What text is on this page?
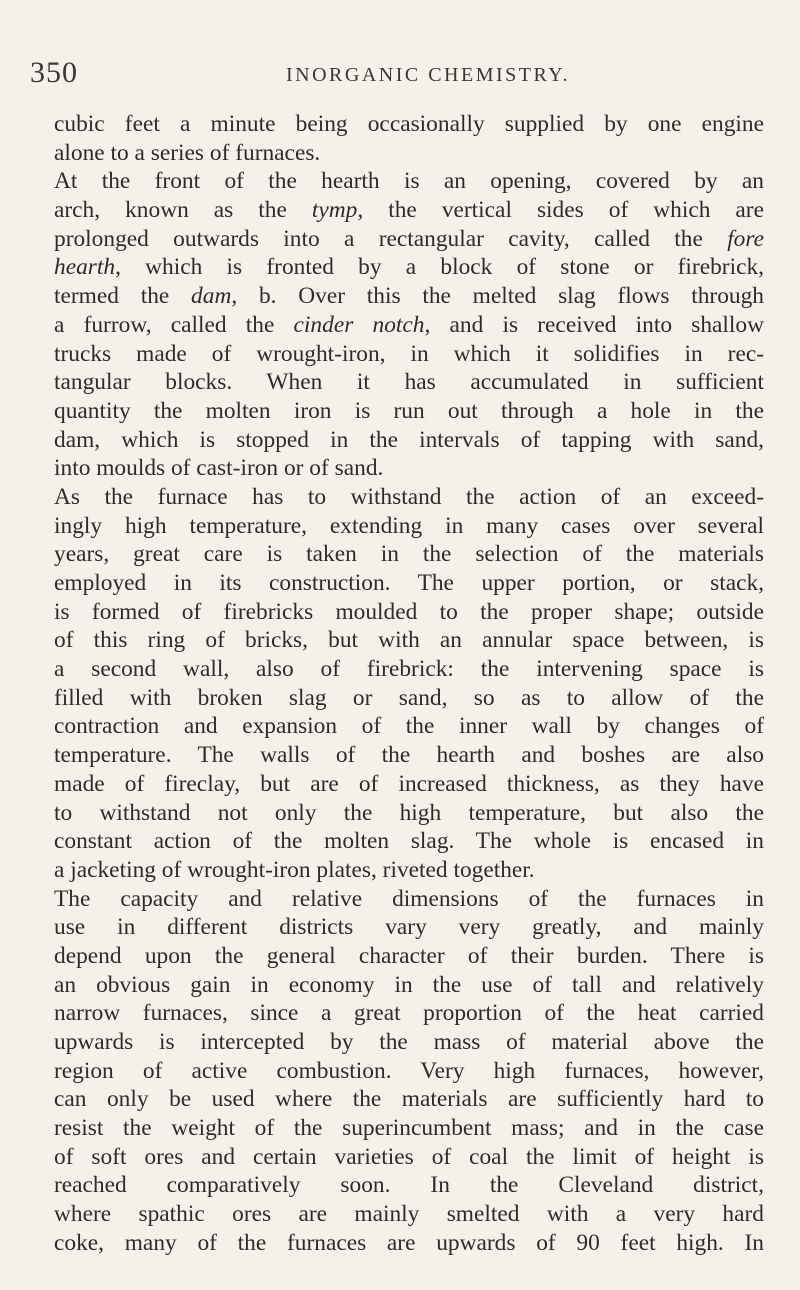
350	INORGANIC CHEMISTRY.
cubic feet a minute being occasionally supplied by one engine
alone to a series of furnaces.
At the front of the hearth is an opening, covered by an
arch, known as the tymp, the vertical sides of which are
prolonged outwards into a rectangular cavity, called the fore
hearth, which is fronted by a block of stone or firebrick,
termed the dam, b. Over this the melted slag flows through
a furrow, called the cinder notch, and is received into shallow
trucks made of wrought-iron, in which it solidifies in rec-
tangular blocks. When it has accumulated in sufficient
quantity the molten iron is run out through a hole in the
dam, which is stopped in the intervals of tapping with sand,
into moulds of cast-iron or of sand.
As the furnace has to withstand the action of an exceed-
ingly high temperature, extending in many cases over several
years, great care is taken in the selection of the materials
employed in its construction. The upper portion, or stack,
is formed of firebricks moulded to the proper shape; outside
of this ring of bricks, but with an annular space between, is
a second wall, also of firebrick: the intervening space is
filled with broken slag or sand, so as to allow of the
contraction and expansion of the inner wall by changes of
temperature. The walls of the hearth and boshes are also
made of fireclay, but are of increased thickness, as they have
to withstand not only the high temperature, but also the
constant action of the molten slag. The whole is encased in
a jacketing of wrought-iron plates, riveted together.
The capacity and relative dimensions of the furnaces in
use in different districts vary very greatly, and mainly
depend upon the general character of their burden. There is
an obvious gain in economy in the use of tall and relatively
narrow furnaces, since a great proportion of the heat carried
upwards is intercepted by the mass of material above the
region of active combustion. Very high furnaces, however,
can only be used where the materials are sufficiently hard to
resist the weight of the superincumbent mass; and in the case
of soft ores and certain varieties of coal the limit of height is
reached comparatively soon. In the Cleveland district,
where spathic ores are mainly smelted with a very hard
coke, many of the furnaces are upwards of 90 feet high. In
